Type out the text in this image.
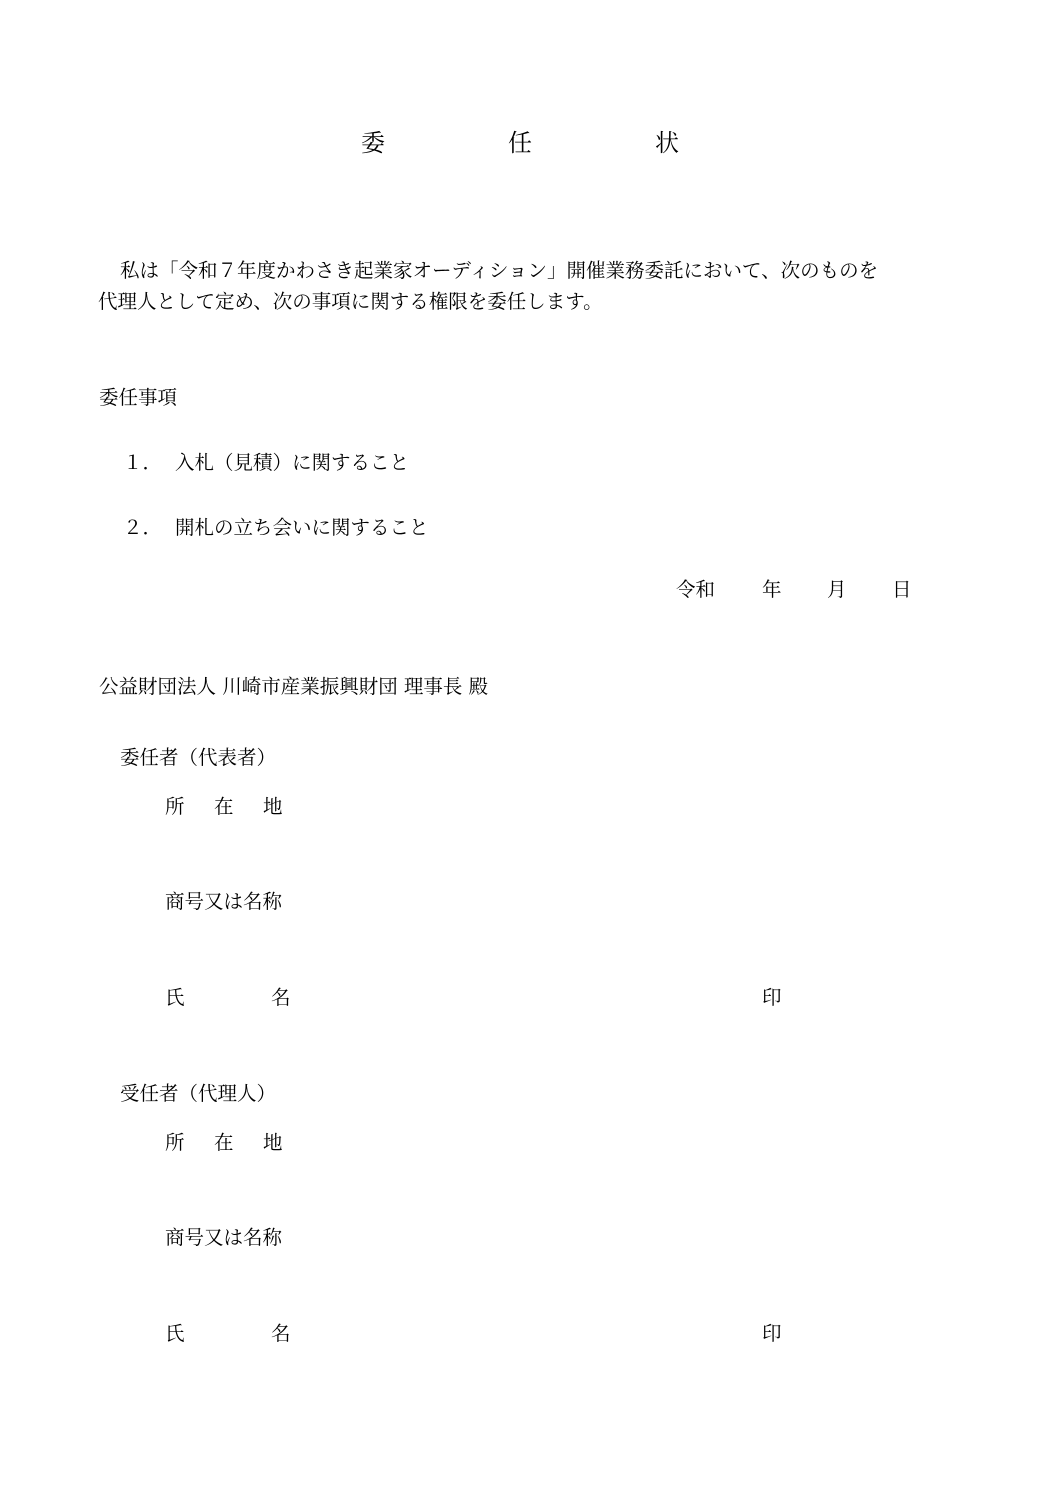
委	任	状
私は「令和７年度かわさき起業家オーディション」開催業務委託において、次のものを
代理人として定め、次の事項に関する権限を委任します。
委任事項
１． 入札（見積）に関すること
２． 開札の立ち会いに関すること
令和 年 月 日
公益財団法人 川崎市産業振興財団 理事長 殿
委任者（代表者）
所 在 地
商号又は名称
氏	名	印
受任者（代理人）
所 在 地
商号又は名称
氏	名	印
